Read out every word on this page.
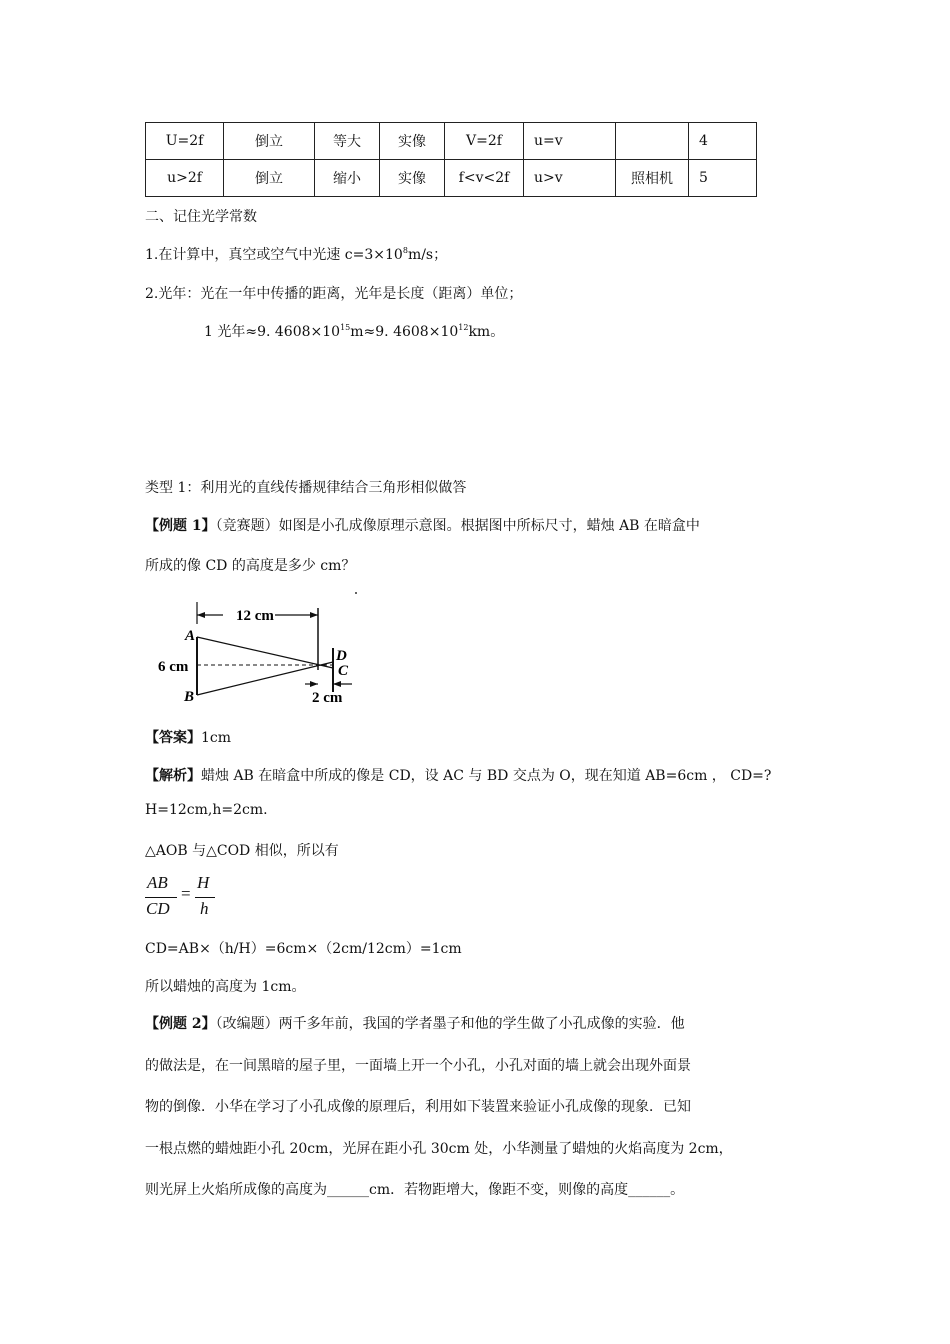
U=2f	倒立	等大	实像	V=2f	u=v		4
u>2f	倒立	缩小	实像	f<v<2f	u>v	照相机	5
二、记住光学常数
1.在计算中，真空或空气中光速 $c=3\times 10^8m/s$；
2.光年：光在一年中传播的距离，光年是长度（距离）单位；
1 光年≈9. $4608\times 10^{15}m\approx 9$. $4608\times 10^{12}km$。
类型 1：利用光的直线传播规律结合三角形相似做答
【例题 1】（竞赛题）如图是小孔成像原理示意图。根据图中所标尺寸，蜡烛 AB 在暗盒中
所成的像 CD 的高度是多少 cm？
12 cm
A
6 cm
B
D
C
2 cm
【答案】1cm
【解析】蜡烛 AB 在暗盒中所成的像是 CD，设 AC 与 BD 交点为 O，现在知道 AB=6cm ， CD=?
H=12cm,h=2cm.
△AOB 与△COD 相似，所以有
AB
CD
=
H
h
CD=AB×（h/H）=6cm×（2cm/12cm）=1cm
所以蜡烛的高度为 1cm。
【例题 2】（改编题）两千多年前，我国的学者墨子和他的学生做了小孔成像的实验．他
的做法是，在一间黑暗的屋子里，一面墙上开一个小孔，小孔对面的墙上就会出现外面景
物的倒像．小华在学习了小孔成像的原理后，利用如下装置来验证小孔成像的现象．已知
一根点燃的蜡烛距小孔 20cm，光屏在距小孔 30cm 处，小华测量了蜡烛的火焰高度为 2cm，
则光屏上火焰所成像的高度为______cm．若物距增大，像距不变，则像的高度______。
